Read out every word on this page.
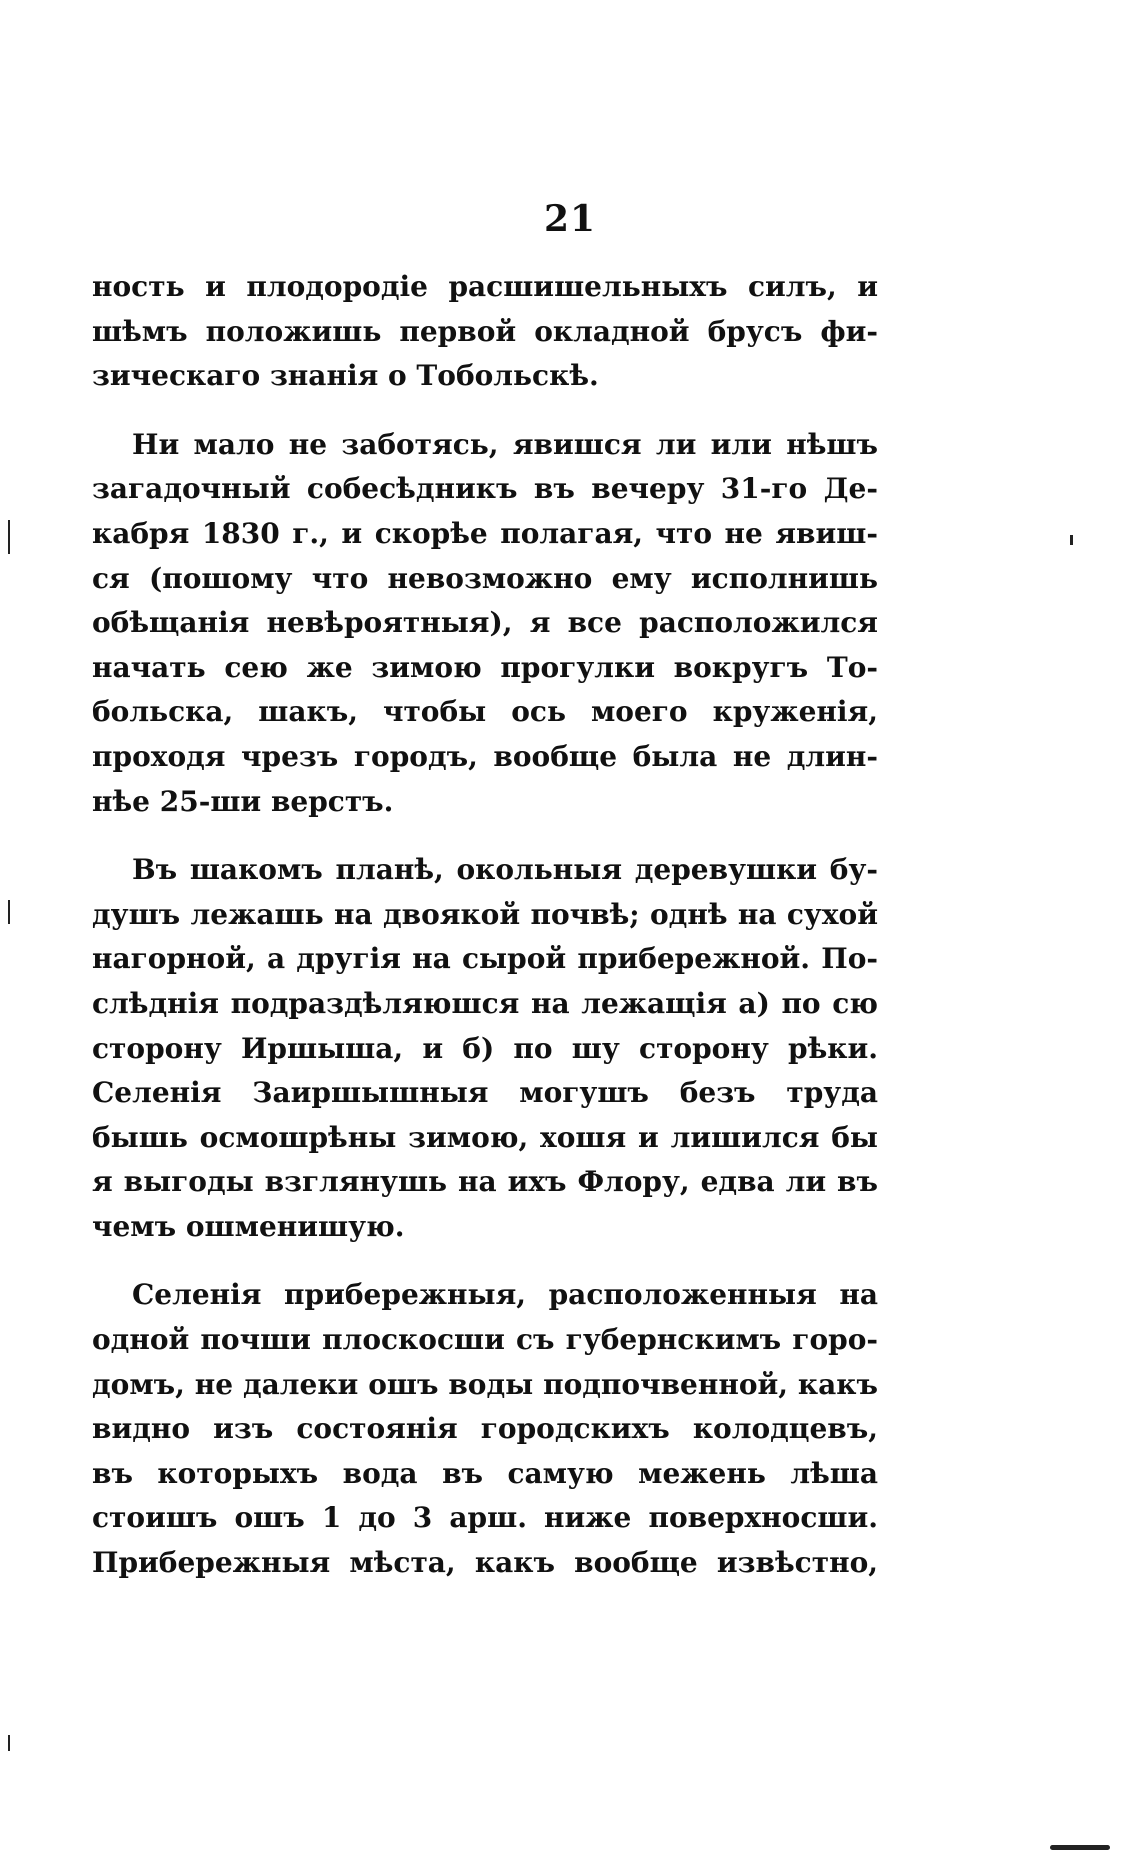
21
ность и плодородіе расшишельныхъ силъ, и
шѣмъ положишь первой окладной брусъ фи-
зическаго знанія о Тобольскѣ.
Ни мало не заботясь, явишся ли или нѣшъ
загадочный собесѣдникъ въ вечеру 31-го Де-
кабря 1830 г., и скорѣе полагая, что не явиш-
ся (пошому что невозможно ему исполнишь
обѣщанія невѣроятныя), я все расположился
начать сею же зимою прогулки вокругъ То-
больска, шакъ, чтобы ось моего круженія,
проходя чрезъ городъ, вообще была не длин-
нѣе 25-ши верстъ.
Въ шакомъ планѣ, окольныя деревушки бу-
душъ лежашь на двоякой почвѣ; однѣ на сухой
нагорной, а другія на сырой прибережной. По-
слѣднія подраздѣляюшся на лежащія а) по сю
сторону Иршыша, и б) по шу сторону рѣки.
Селенія Заиршышныя могушъ безъ труда
бышь осмошрѣны зимою, хошя и лишился бы
я выгоды взглянушь на ихъ Флору, едва ли въ
чемъ ошменишую.
Селенія прибережныя, расположенныя на
одной почши плоскосши съ губернскимъ горо-
домъ, не далеки ошъ воды подпочвенной, какъ
видно изъ состоянія городскихъ колодцевъ,
въ которыхъ вода въ самую межень лѣша
стоишъ ошъ 1 до 3 арш. ниже поверхносши.
Прибережныя мѣста, какъ вообще извѣстно,
